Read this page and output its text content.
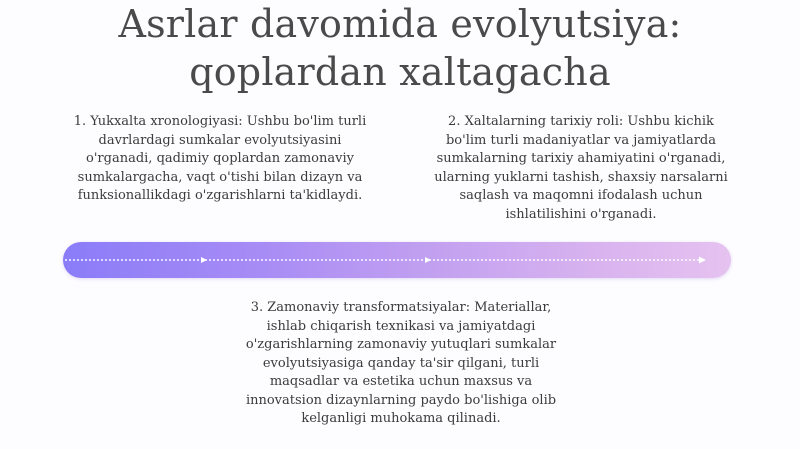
Asrlar davomida evolyutsiya:
qoplardan xaltagacha
1. Yukxalta xronologiyasi: Ushbu bo'lim turli davrlardagi sumkalar evolyutsiyasini o'rganadi, qadimiy qoplardan zamonaviy sumkalargacha, vaqt o'tishi bilan dizayn va funksionallikdagi o'zgarishlarni ta'kidlaydi.
2. Xaltalarning tarixiy roli: Ushbu kichik bo'lim turli madaniyatlar va jamiyatlarda sumkalarning tarixiy ahamiyatini o'rganadi, ularning yuklarni tashish, shaxsiy narsalarni saqlash va maqomni ifodalash uchun ishlatilishini o'rganadi.
3. Zamonaviy transformatsiyalar: Materiallar, ishlab chiqarish texnikasi va jamiyatdagi o'zgarishlarning zamonaviy yutuqlari sumkalar evolyutsiyasiga qanday ta'sir qilgani, turli maqsadlar va estetika uchun maxsus va innovatsion dizaynlarning paydo bo'lishiga olib kelganligi muhokama qilinadi.
